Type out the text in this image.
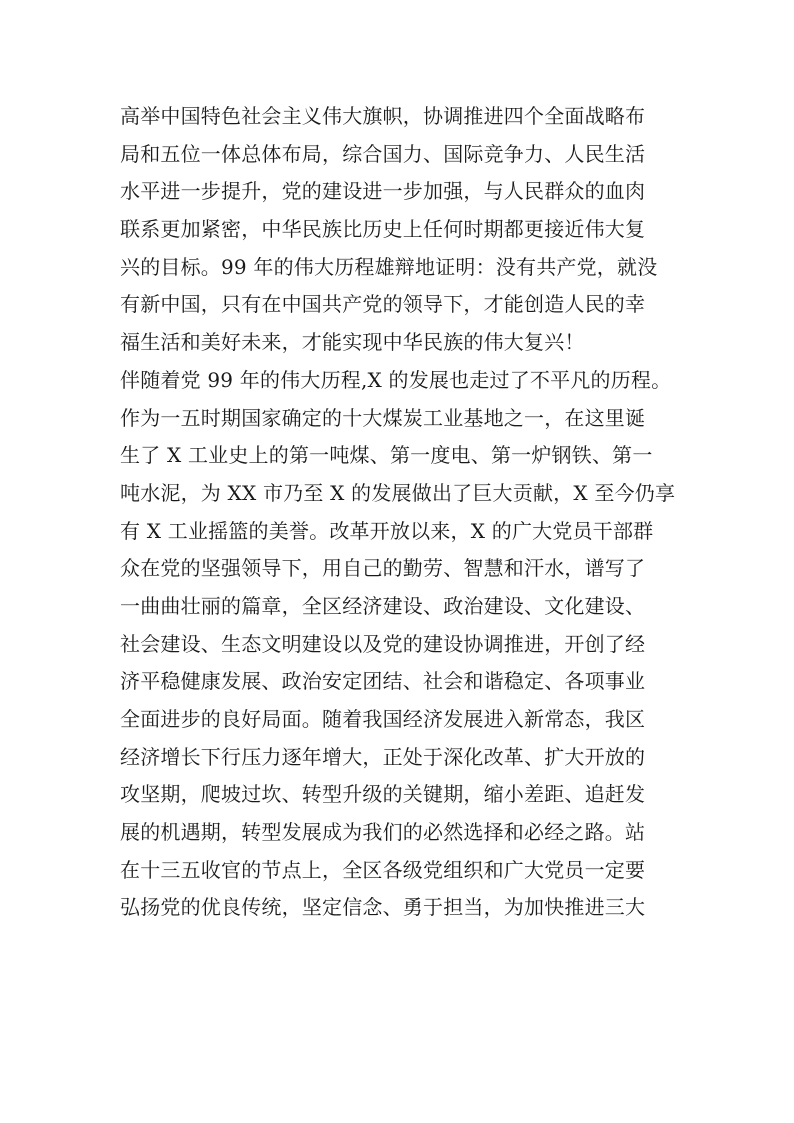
高举中国特色社会主义伟大旗帜，协调推进四个全面战略布
局和五位一体总体布局，综合国力、国际竞争力、人民生活
水平进一步提升，党的建设进一步加强，与人民群众的血肉
联系更加紧密，中华民族比历史上任何时期都更接近伟大复
兴的目标。99 年的伟大历程雄辩地证明：没有共产党，就没
有新中国，只有在中国共产党的领导下，才能创造人民的幸
福生活和美好未来，才能实现中华民族的伟大复兴！
伴随着党 99 年的伟大历程,X 的发展也走过了不平凡的历程。
作为一五时期国家确定的十大煤炭工业基地之一，在这里诞
生了 X 工业史上的第一吨煤、第一度电、第一炉钢铁、第一
吨水泥，为 XX 市乃至 X 的发展做出了巨大贡献，X 至今仍享
有 X 工业摇篮的美誉。改革开放以来，X 的广大党员干部群
众在党的坚强领导下，用自己的勤劳、智慧和汗水，谱写了
一曲曲壮丽的篇章，全区经济建设、政治建设、文化建设、
社会建设、生态文明建设以及党的建设协调推进，开创了经
济平稳健康发展、政治安定团结、社会和谐稳定、各项事业
全面进步的良好局面。随着我国经济发展进入新常态，我区
经济增长下行压力逐年增大，正处于深化改革、扩大开放的
攻坚期，爬坡过坎、转型升级的关键期，缩小差距、追赶发
展的机遇期，转型发展成为我们的必然选择和必经之路。站
在十三五收官的节点上，全区各级党组织和广大党员一定要
弘扬党的优良传统，坚定信念、勇于担当，为加快推进三大
